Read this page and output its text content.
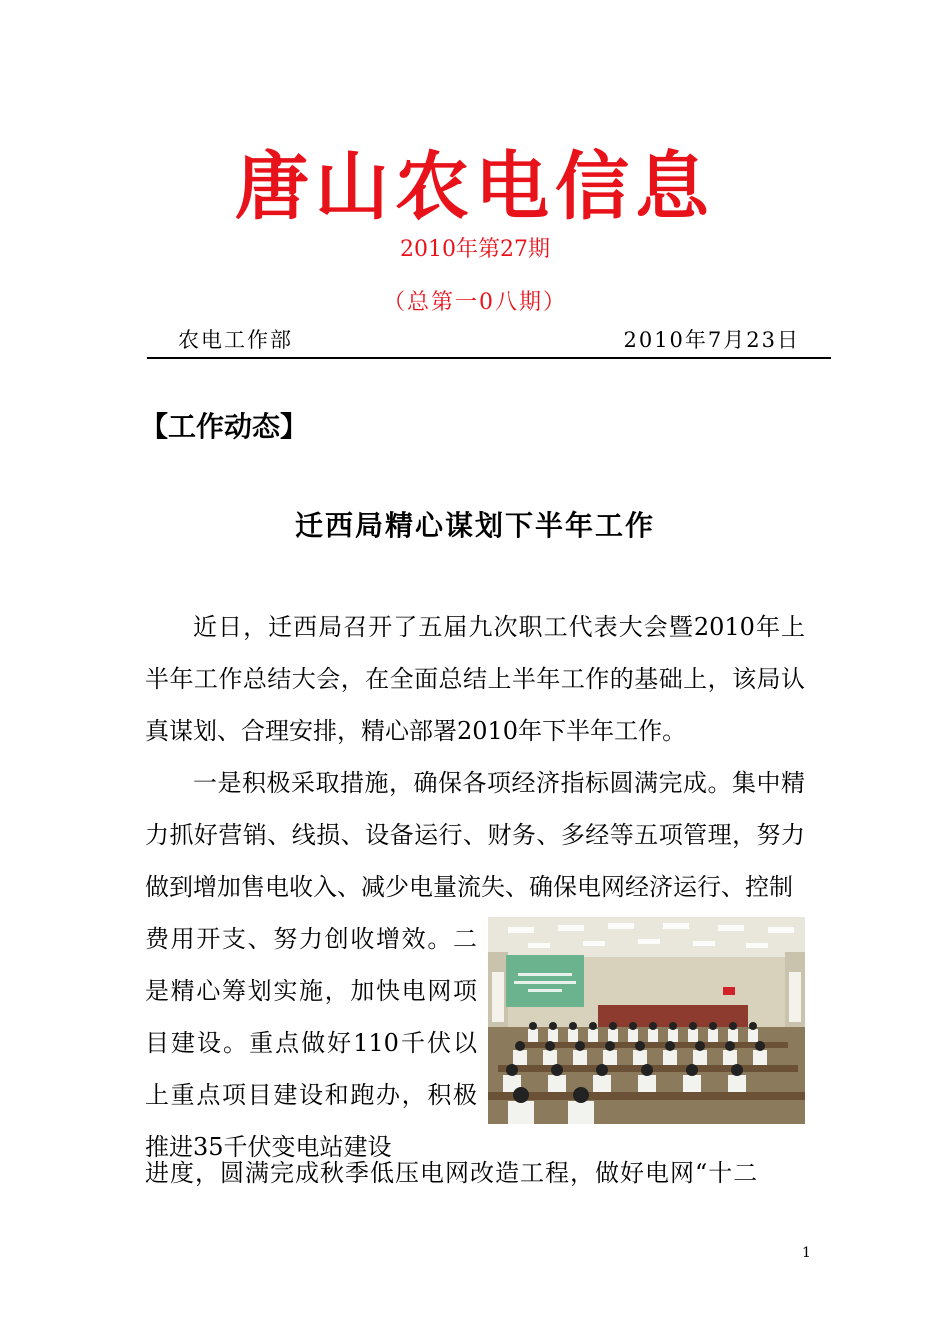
唐山农电信息
2010年第27期
（总第一0八期）
农电工作部	2010年7月23日
【工作动态】
迁西局精心谋划下半年工作
近日，迁西局召开了五届九次职工代表大会暨2010年上半年工作总结大会，在全面总结上半年工作的基础上，该局认真谋划、合理安排，精心部署2010年下半年工作。
一是积极采取措施，确保各项经济指标圆满完成。集中精力抓好营销、线损、设备运行、财务、多经等五项管理，努力做到增加售电收入、减少电量流失、确保电网经济运行、控制
费用开支、努力创收增效。二是精心筹划实施，加快电网项目建设。重点做好110千伏以上重点项目建设和跑办，积极推进35千伏变电站建设
进度，圆满完成秋季低压电网改造工程，做好电网“十二
1
